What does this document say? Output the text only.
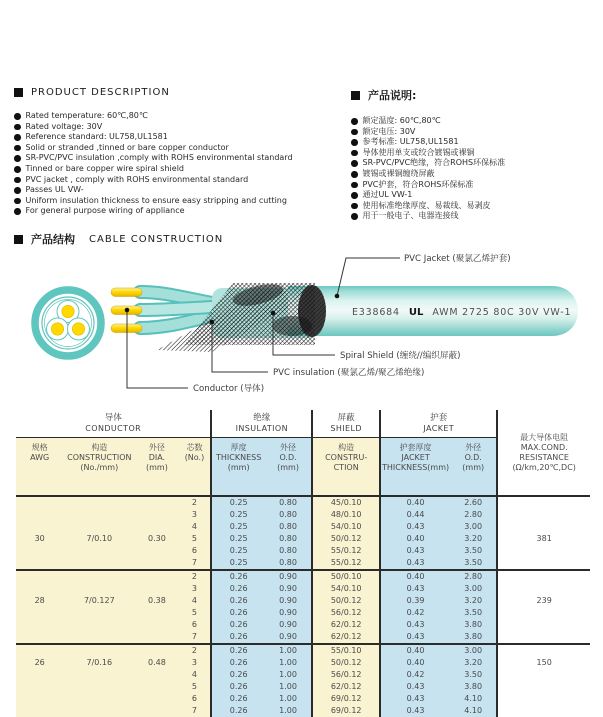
PRODUCT DESCRIPTION
Rated temperature: 60℃,80℃
Rated voltage: 30V
Reference standard: UL758,UL1581
Solid or stranded ,tinned or bare copper conductor
SR-PVC/PVC insulation ,comply with ROHS environmental standard
Tinned or bare copper wire spiral shield
PVC jacket , comply with ROHS environmental standard
Passes UL VW-
Uniform insulation thickness to ensure easy stripping and cutting
For general purpose wiring of appliance
产品说明:
额定温度: 60℃,80℃
额定电压: 30V
参考标准: UL758,UL1581
导体使用单支或绞合镀锡或裸铜
SR-PVC/PVC绝缘，符合ROHS环保标准
镀锡或裸铜缠绕屏蔽
PVC护套，符合ROHS环保标准
通过UL VW-1
使用标准绝缘厚度、易裁线、易剥皮
用于一般电子、电器连接线
产品结构 CABLE CONSTRUCTION
E338684 UL AWM 2725 80C 30V VW-1
PVC Jacket (聚氯乙烯护套)
Spiral Shield (缠绕//编织屏蔽)
PVC insulation (聚氯乙烯/聚乙烯绝缘)
Conductor (导体)
导体
CONDUCTOR

绝缘
INSULATION

屏蔽
SHIELD

护套
JACKET

最大导体电阻
MAX.COND.
RESISTANCE
(Ω/km,20℃,DC)

规格
AWG

构造
CONSTRUCTION
(No./mm)

外径
DIA.
(mm)

芯数
(No.)

厚度
THICKNESS
(mm)

外径
O.D.
(mm)

构造
CONSTRU-
CTION

护套厚度
JACKET
THICKNESS(mm)

外径
O.D.
(mm)

30	7/0.10	0.30	2	0.25	0.80	45/0.10	0.40	2.60	381
			3	0.25	0.80	48/0.10	0.44	2.80	
			4	0.25	0.80	54/0.10	0.43	3.00	
			5	0.25	0.80	50/0.12	0.40	3.20	
			6	0.25	0.80	55/0.12	0.43	3.50	
			7	0.25	0.80	55/0.12	0.43	3.50	
28	7/0.127	0.38	2	0.26	0.90	50/0.10	0.40	2.80	239
			3	0.26	0.90	54/0.10	0.43	3.00	
			4	0.26	0.90	50/0.12	0.39	3.20	
			5	0.26	0.90	56/0.12	0.42	3.50	
			6	0.26	0.90	62/0.12	0.43	3.80	
			7	0.26	0.90	62/0.12	0.43	3.80	
26	7/0.16	0.48	2	0.26	1.00	55/0.10	0.40	3.00	150
			3	0.26	1.00	50/0.12	0.40	3.20	
			4	0.26	1.00	56/0.12	0.42	3.50	
			5	0.26	1.00	62/0.12	0.43	3.80	
			6	0.26	1.00	69/0.12	0.43	4.10	
			7	0.26	1.00	69/0.12	0.43	4.10	
